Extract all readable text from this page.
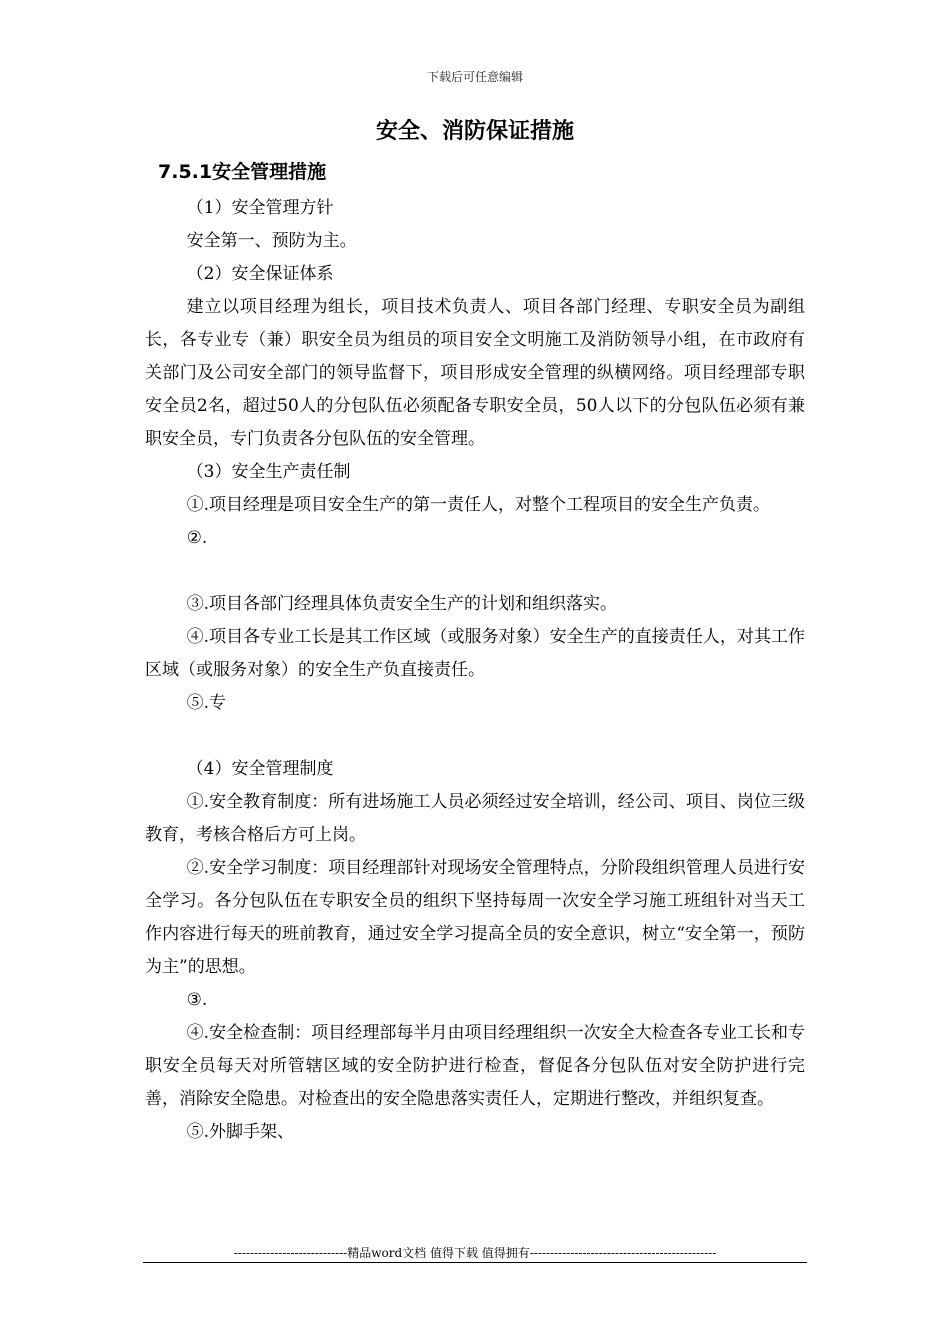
下载后可任意编辑
安全、消防保证措施
7.5.1安全管理措施

（1）安全管理方针

安全第一、预防为主。

（2）安全保证体系

建立以项目经理为组长，项目技术负责人、项目各部门经理、专职安全员为副组长，各专业专（兼）职安全员为组员的项目安全文明施工及消防领导小组，在市政府有关部门及公司安全部门的领导监督下，项目形成安全管理的纵横网络。项目经理部专职安全员2名，超过50人的分包队伍必须配备专职安全员，50人以下的分包队伍必须有兼职安全员，专门负责各分包队伍的安全管理。

（3）安全生产责任制

①.项目经理是项目安全生产的第一责任人，对整个工程项目的安全生产负责。

②.

③.项目各部门经理具体负责安全生产的计划和组织落实。

④.项目各专业工长是其工作区域（或服务对象）安全生产的直接责任人，对其工作区域（或服务对象）的安全生产负直接责任。

⑤.专

（4）安全管理制度

①.安全教育制度：所有进场施工人员必须经过安全培训，经公司、项目、岗位三级教育，考核合格后方可上岗。

②.安全学习制度：项目经理部针对现场安全管理特点，分阶段组织管理人员进行安全学习。各分包队伍在专职安全员的组织下坚持每周一次安全学习施工班组针对当天工作内容进行每天的班前教育，通过安全学习提高全员的安全意识，树立“安全第一，预防为主”的思想。

③.

④.安全检查制：项目经理部每半月由项目经理组织一次安全大检查各专业工长和专职安全员每天对所管辖区域的安全防护进行检查，督促各分包队伍对安全防护进行完善，消除安全隐患。对检查出的安全隐患落实责任人，定期进行整改，并组织复查。

⑤.外脚手架、

----------------------------精品word文档 值得下载 值得拥有----------------------------------------------
